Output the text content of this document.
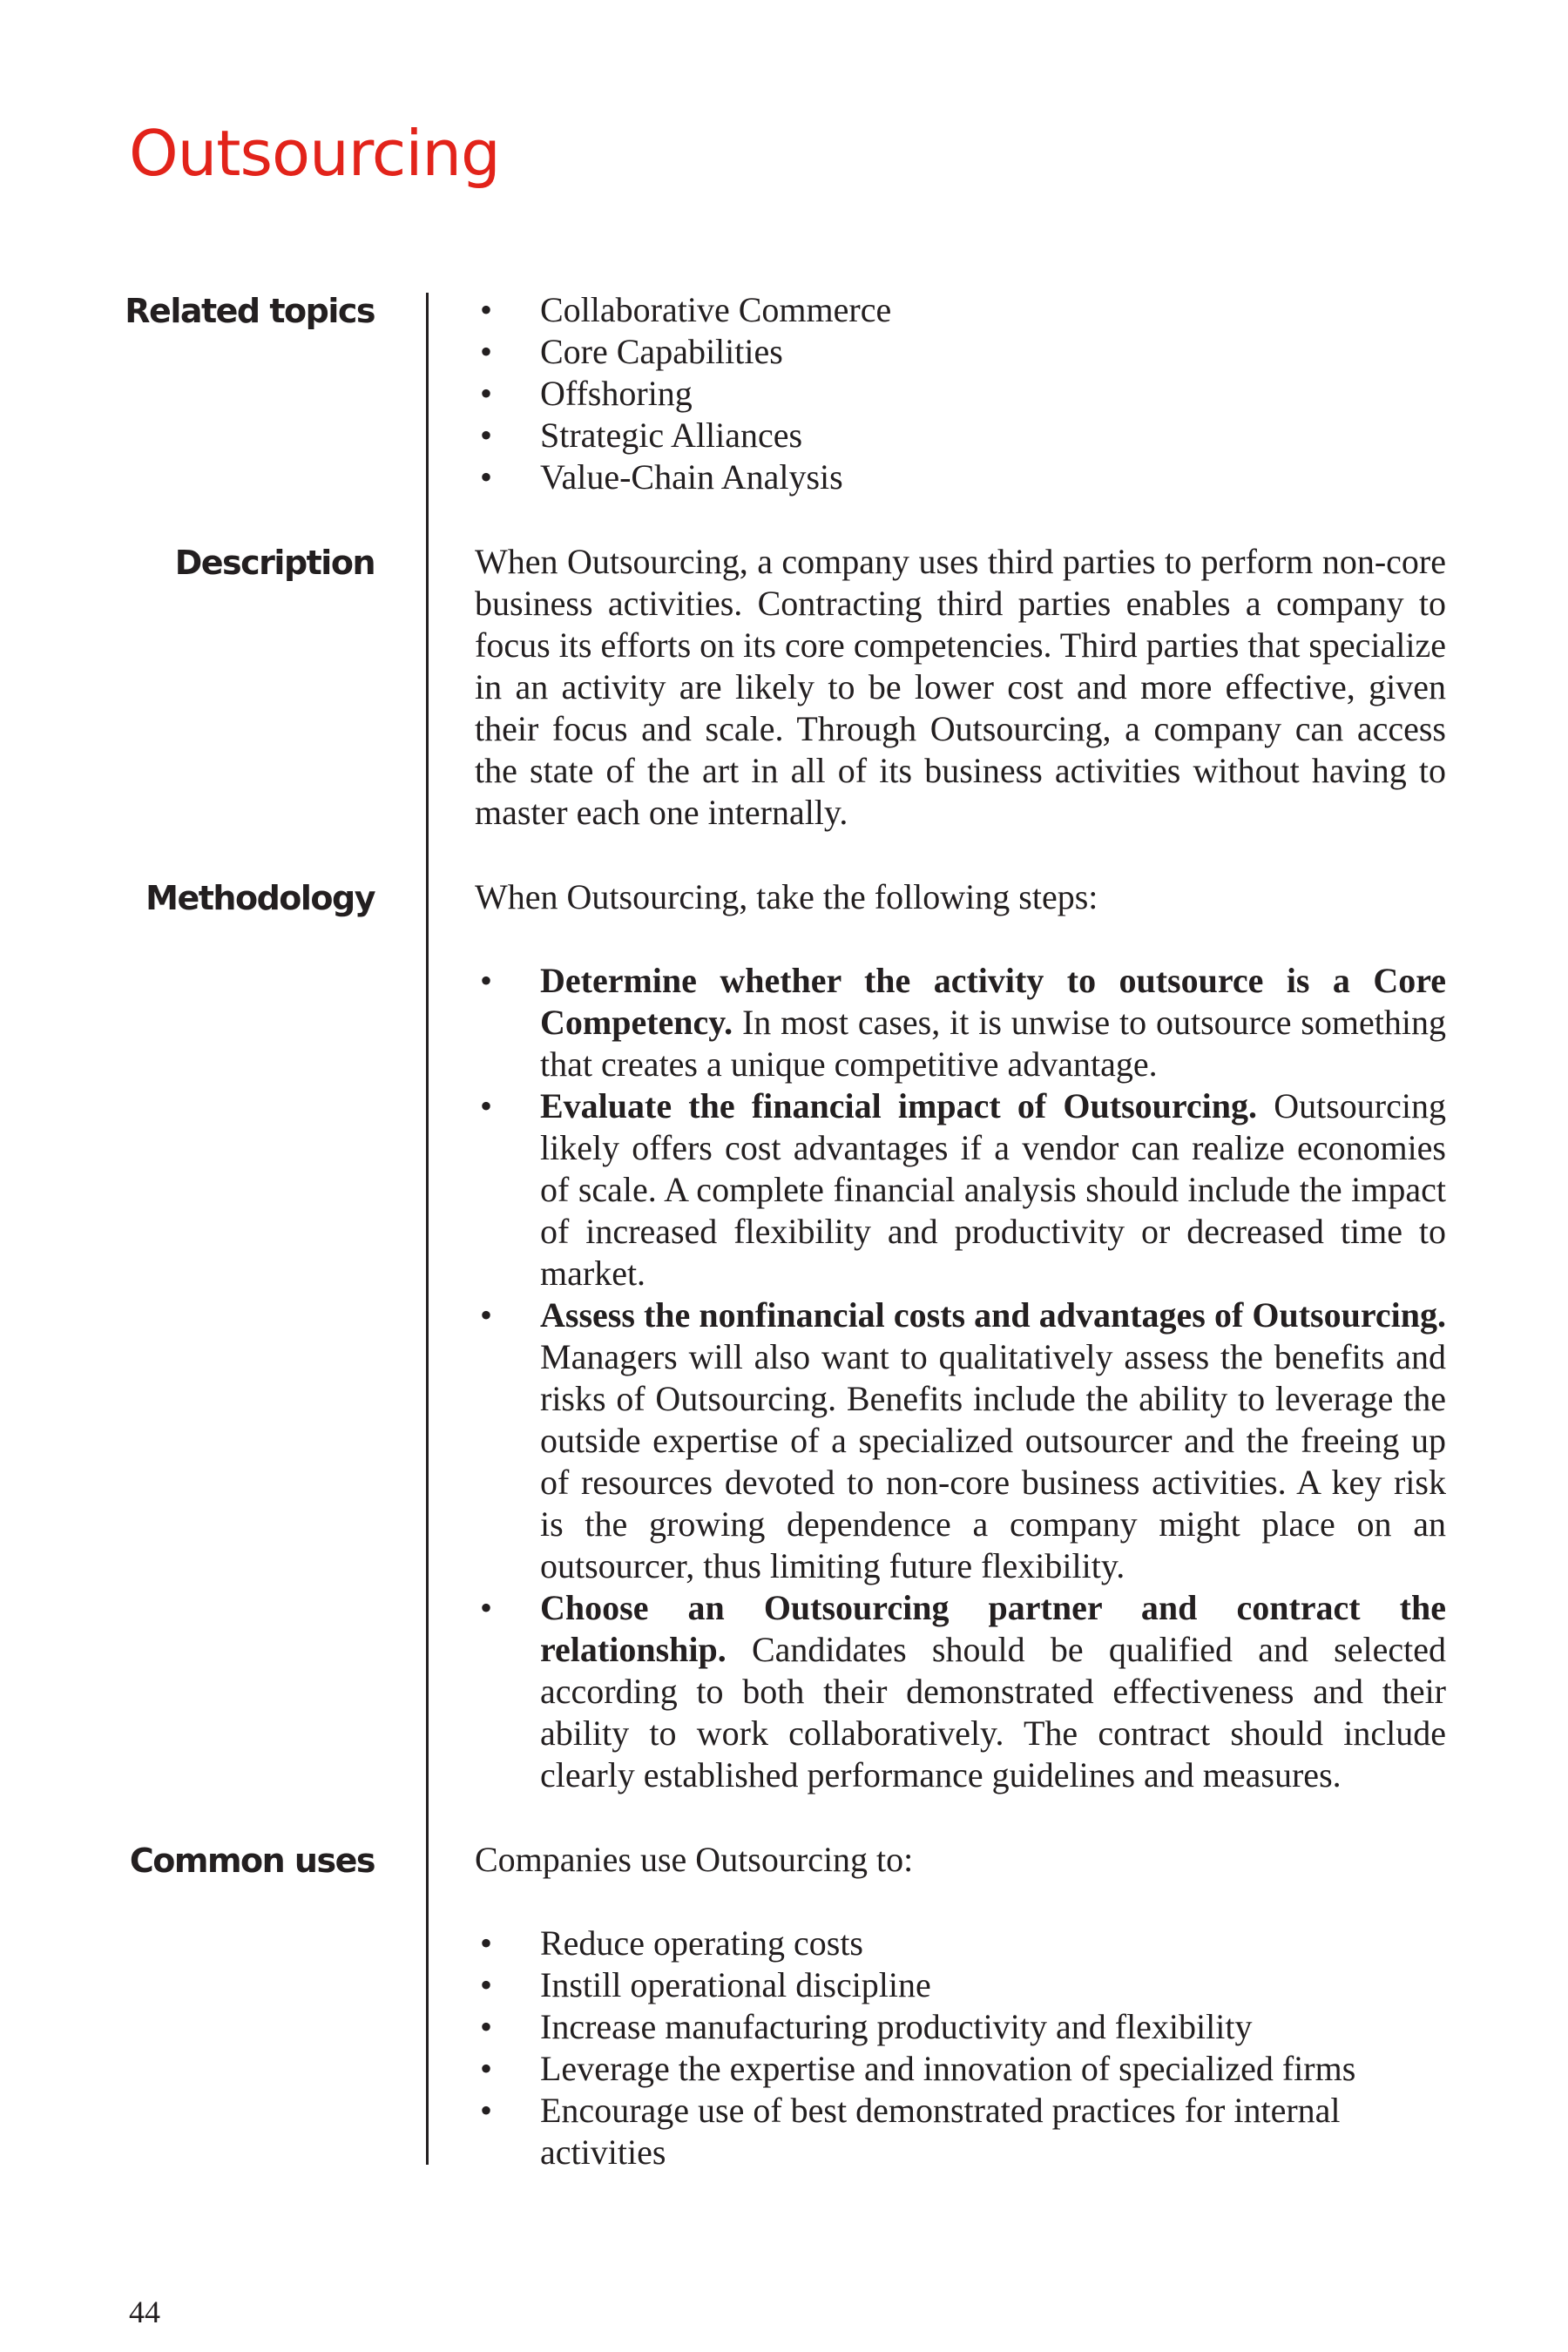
Outsourcing
Related topics	• Collaborative Commerce
• Core Capabilities
• Offshoring
• Strategic Alliances
• Value-Chain Analysis
Description	When Outsourcing, a company uses third parties to perform non-core business activities. Contracting third parties enables a company to focus its efforts on its core competencies. Third parties that specialize in an activity are likely to be lower cost and more effective, given their focus and scale. Through Outsourcing, a company can access the state of the art in all of its business activities without having to master each one internally.

Methodology	When Outsourcing, take the following steps:

• Determine whether the activity to outsource is a Core Competency. In most cases, it is unwise to outsource something that creates a unique competitive advantage.
• Evaluate the financial impact of Outsourcing. Outsourcing likely offers cost advantages if a vendor can realize economies of scale. A complete financial analysis should include the impact of increased flexibility and productivity or decreased time to market.
• Assess the nonfinancial costs and advantages of Outsourcing. Managers will also want to qualitatively assess the benefits and risks of Outsourcing. Benefits include the ability to leverage the outside expertise of a specialized outsourcer and the freeing up of resources devoted to non-core business activities. A key risk is the growing dependence a company might place on an outsourcer, thus limiting future flexibility.
• Choose an Outsourcing partner and contract the relationship. Candidates should be qualified and selected according to both their demonstrated effectiveness and their ability to work collaboratively. The contract should include clearly established performance guidelines and measures.
Common uses	Companies use Outsourcing to:

• Reduce operating costs
• Instill operational discipline
• Increase manufacturing productivity and flexibility
• Leverage the expertise and innovation of specialized firms
• Encourage use of best demonstrated practices for internal activities
44
